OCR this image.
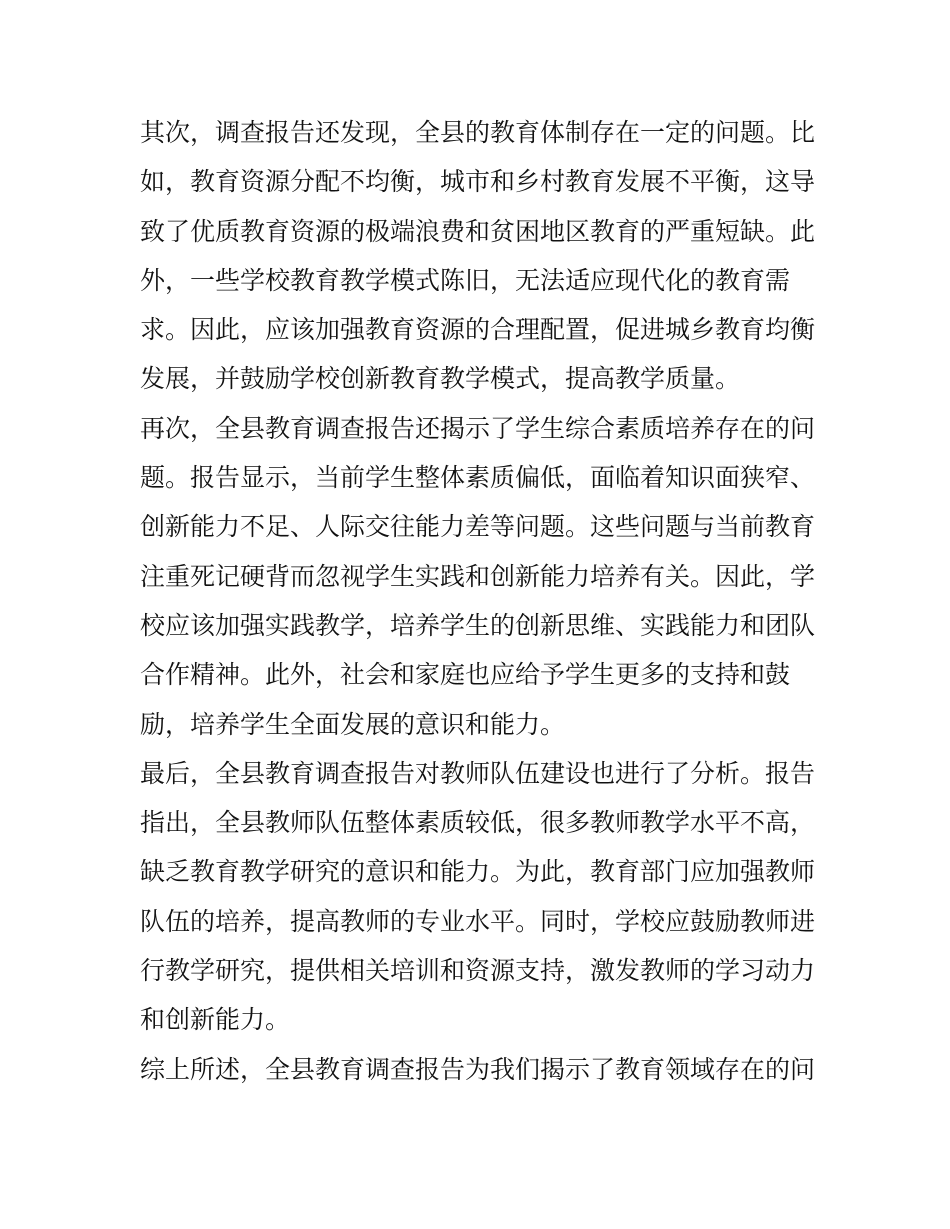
其次，调查报告还发现，全县的教育体制存在一定的问题。比
如，教育资源分配不均衡，城市和乡村教育发展不平衡，这导
致了优质教育资源的极端浪费和贫困地区教育的严重短缺。此
外，一些学校教育教学模式陈旧，无法适应现代化的教育需
求。因此，应该加强教育资源的合理配置，促进城乡教育均衡
发展，并鼓励学校创新教育教学模式，提高教学质量。
再次，全县教育调查报告还揭示了学生综合素质培养存在的问
题。报告显示，当前学生整体素质偏低，面临着知识面狭窄、
创新能力不足、人际交往能力差等问题。这些问题与当前教育
注重死记硬背而忽视学生实践和创新能力培养有关。因此，学
校应该加强实践教学，培养学生的创新思维、实践能力和团队
合作精神。此外，社会和家庭也应给予学生更多的支持和鼓
励，培养学生全面发展的意识和能力。
最后，全县教育调查报告对教师队伍建设也进行了分析。报告
指出，全县教师队伍整体素质较低，很多教师教学水平不高，
缺乏教育教学研究的意识和能力。为此，教育部门应加强教师
队伍的培养，提高教师的专业水平。同时，学校应鼓励教师进
行教学研究，提供相关培训和资源支持，激发教师的学习动力
和创新能力。
综上所述，全县教育调查报告为我们揭示了教育领域存在的问
